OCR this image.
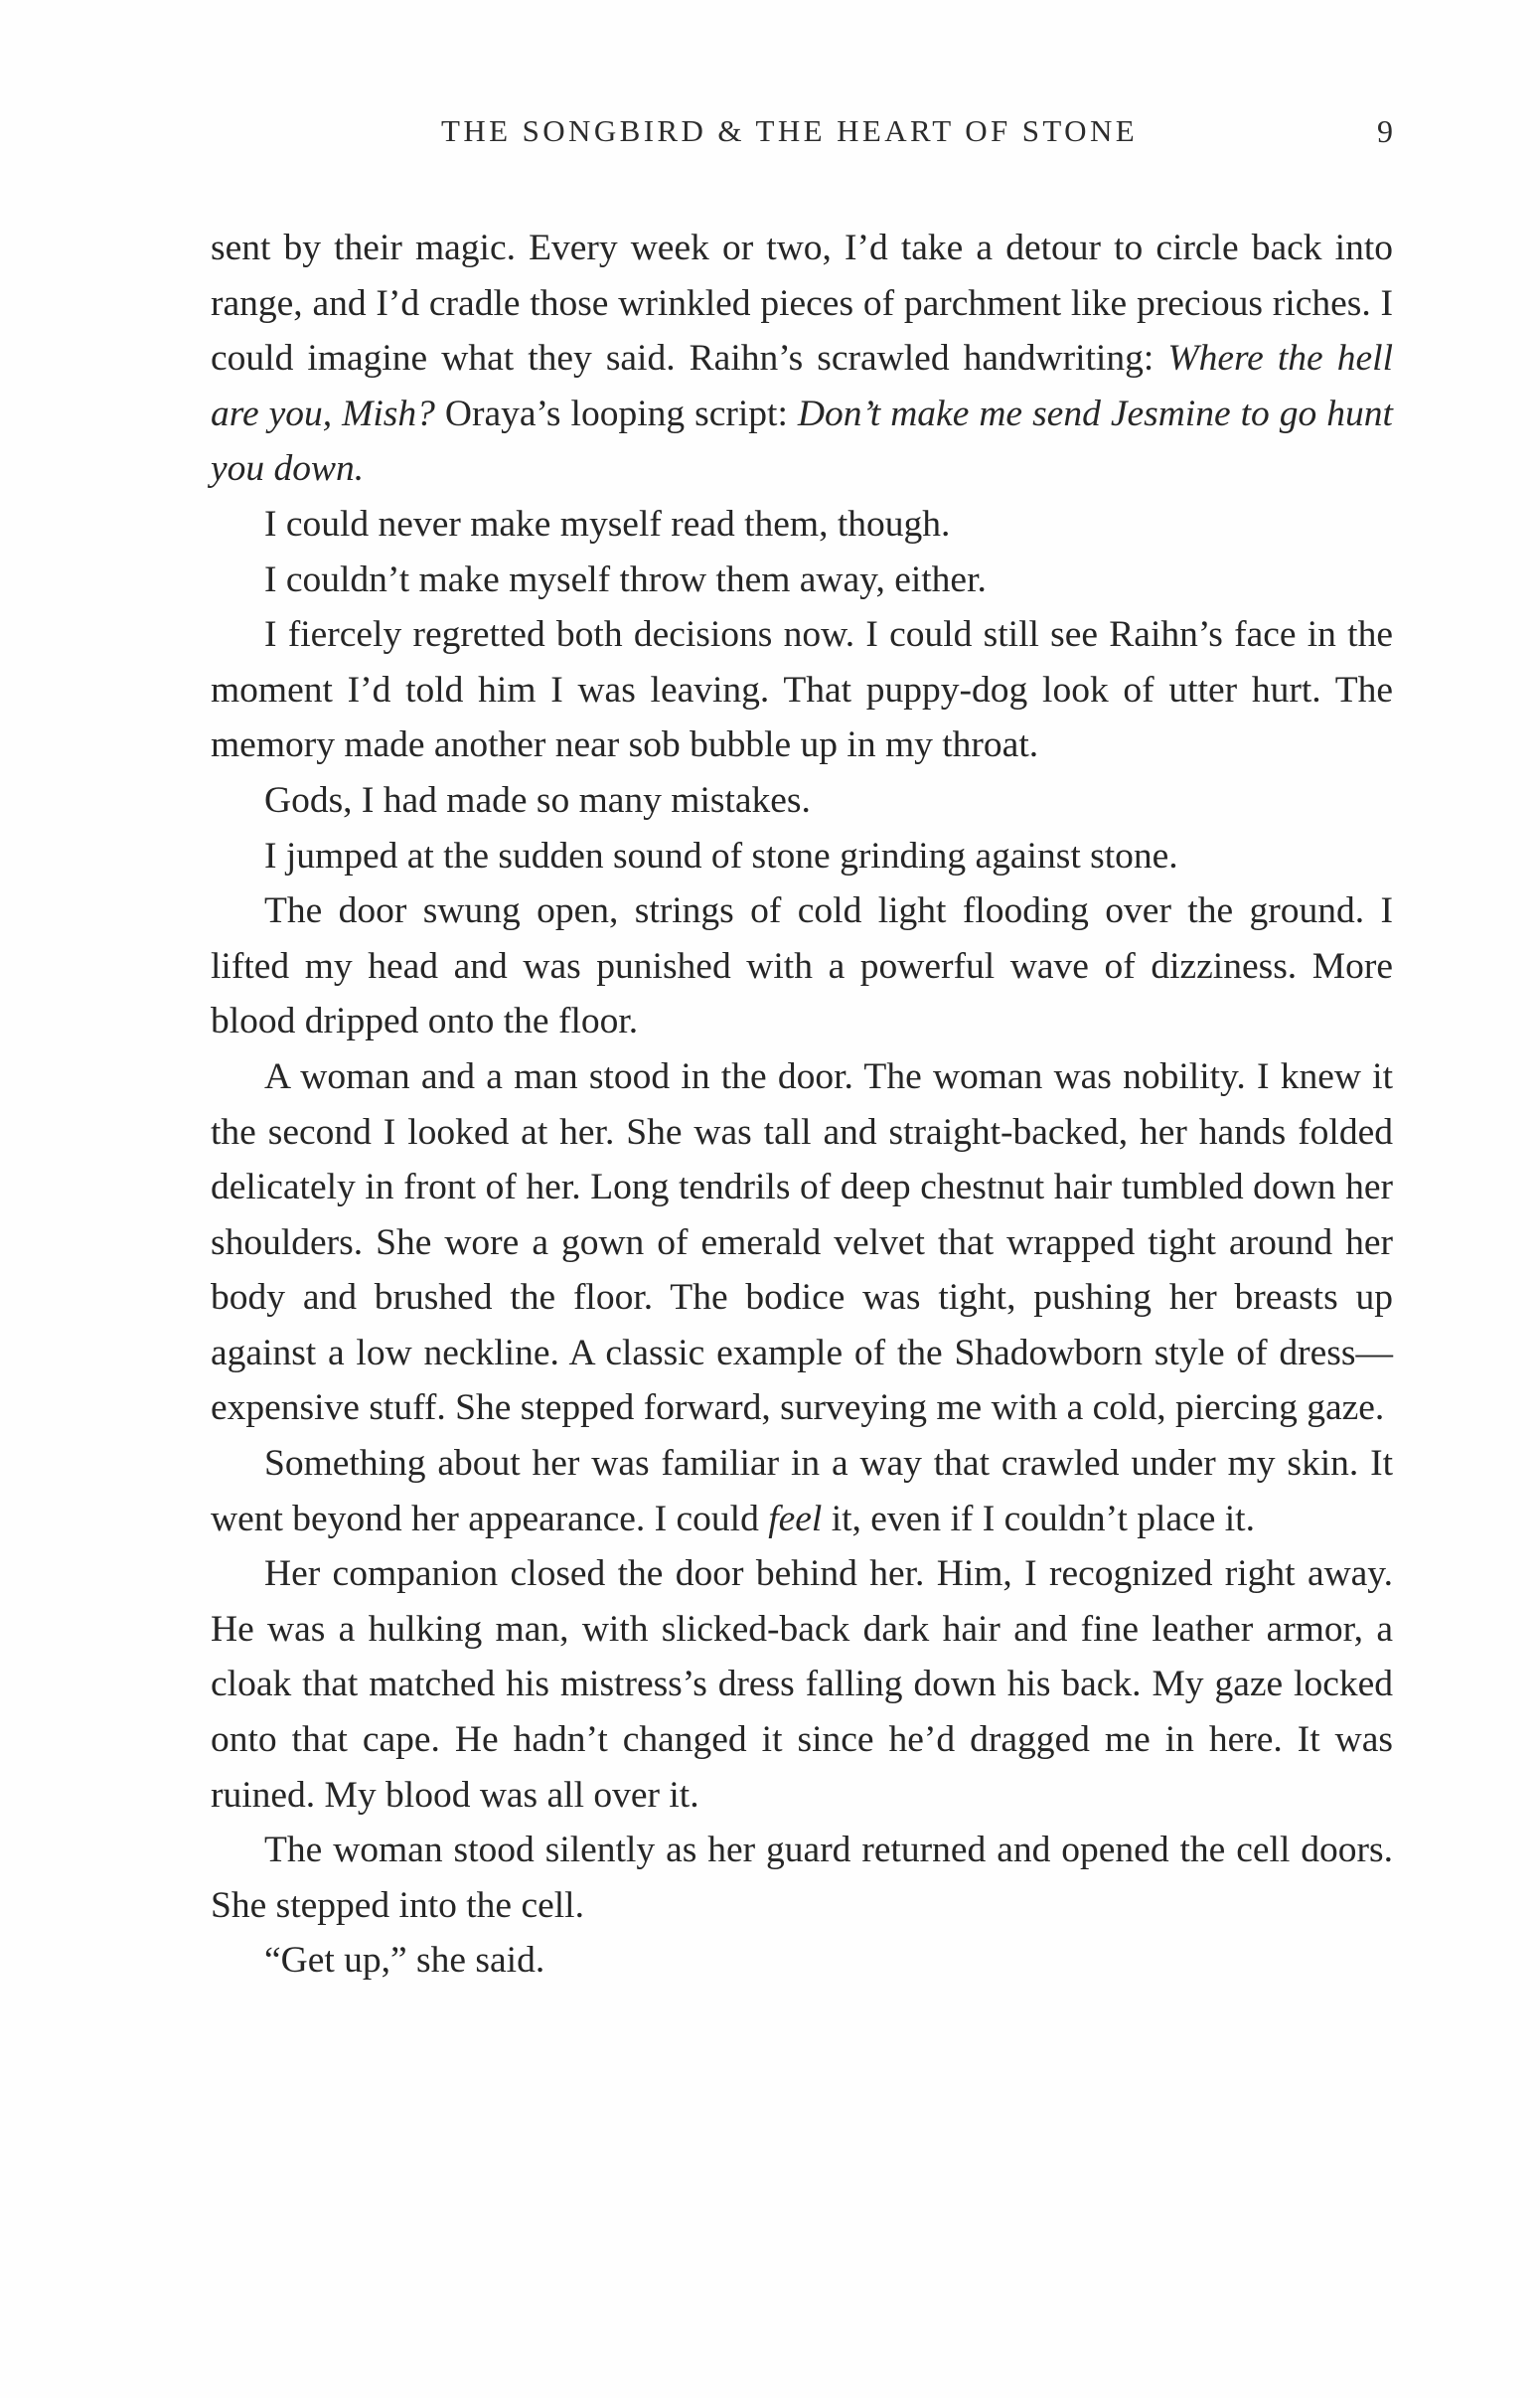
THE SONGBIRD & THE HEART OF STONE	9

sent by their magic. Every week or two, I’d take a detour to circle back into range, and I’d cradle those wrinkled pieces of parchment like precious riches. I could imagine what they said. Raihn’s scrawled handwriting: Where the hell are you, Mish? Oraya’s looping script: Don’t make me send Jesmine to go hunt you down.

I could never make myself read them, though.

I couldn’t make myself throw them away, either.

I fiercely regretted both decisions now. I could still see Raihn’s face in the moment I’d told him I was leaving. That puppy-dog look of utter hurt. The memory made another near sob bubble up in my throat.

Gods, I had made so many mistakes.

I jumped at the sudden sound of stone grinding against stone.

The door swung open, strings of cold light flooding over the ground. I lifted my head and was punished with a powerful wave of dizziness. More blood dripped onto the floor.

A woman and a man stood in the door. The woman was nobility. I knew it the second I looked at her. She was tall and straight-backed, her hands folded delicately in front of her. Long tendrils of deep chestnut hair tumbled down her shoulders. She wore a gown of emerald velvet that wrapped tight around her body and brushed the floor. The bodice was tight, pushing her breasts up against a low neckline. A classic example of the Shadowborn style of dress—expensive stuff. She stepped forward, surveying me with a cold, piercing gaze.

Something about her was familiar in a way that crawled under my skin. It went beyond her appearance. I could feel it, even if I couldn’t place it.

Her companion closed the door behind her. Him, I recognized right away. He was a hulking man, with slicked-back dark hair and fine leather armor, a cloak that matched his mistress’s dress falling down his back. My gaze locked onto that cape. He hadn’t changed it since he’d dragged me in here. It was ruined. My blood was all over it.

The woman stood silently as her guard returned and opened the cell doors. She stepped into the cell.

“Get up,” she said.
